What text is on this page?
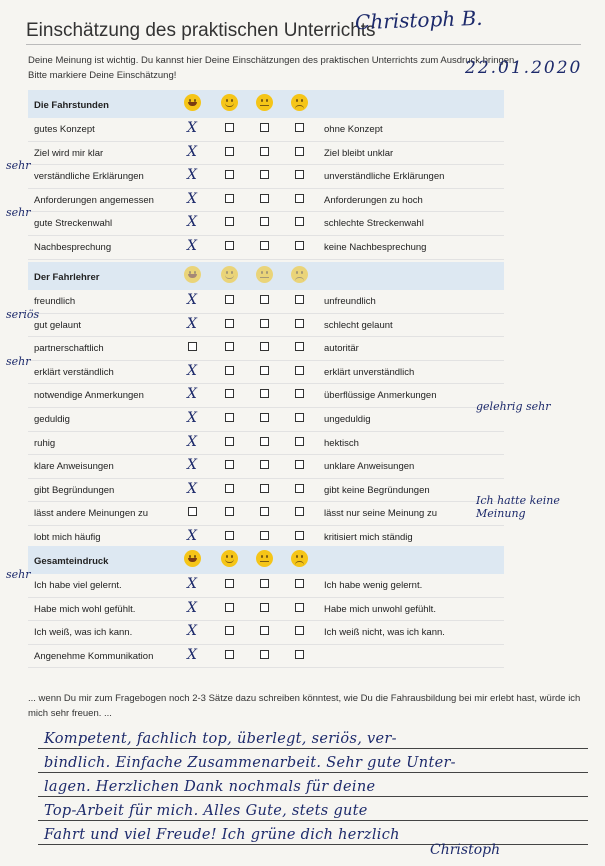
Einschätzung des praktischen Unterrichts
Christoph B.
Deine Meinung ist wichtig. Du kannst hier Deine Einschätzungen des praktischen Unterrichts zum Ausdruck bringen.
Bitte markiere Deine Einschätzung!	22.01.2020
Die Fahrstunden
gutes Konzept	X	ohne Konzept
Ziel wird mir klar	X	Ziel bleibt unklar
verständliche Erklärungen	X	unverständliche Erklärungen
sehr
Anforderungen angemessen	X	Anforderungen zu hoch
gute Streckenwahl	X	schlechte Streckenwahl
sehr
Nachbesprechung	X	keine Nachbesprechung
Der Fahrlehrer
freundlich	X	unfreundlich
gut gelaunt	X	schlecht gelaunt
seriös
partnerschaftlich	autoritär
erklärt verständlich	X	erklärt unverständlich
sehr
notwendige Anmerkungen	X	überflüssige Anmerkungen
geduldig	X	ungeduldig
gelehrig sehr
ruhig	X	hektisch
klare Anweisungen	X	unklare Anweisungen
gibt Begründungen	X	gibt keine Begründungen
lässt andere Meinungen zu	lässt nur seine Meinung zu
Ich hatte keine Meinung
lobt mich häufig	X	kritisiert mich ständig
Gesamteindruck
Ich habe viel gelernt.	X	Ich habe wenig gelernt.
sehr
Habe mich wohl gefühlt.	X	Habe mich unwohl gefühlt.
Ich weiß, was ich kann.	X	Ich weiß nicht, was ich kann.
Angenehme Kommunikation	X
... wenn Du mir zum Fragebogen noch 2-3 Sätze dazu schreiben könntest, wie Du die Fahrausbildung bei mir erlebt hast, würde ich mich sehr freuen. ...
Kompetent, fachlich top, überlegt, seriös, ver-
bindlich. Einfache Zusammenarbeit. Sehr gute Unter-
lagen. Herzlichen Dank nochmals für deine
Top-Arbeit für mich. Alles Gute, stets gute
Fahrt und viel Freude! Ich grüne dich herzlich
Christoph
